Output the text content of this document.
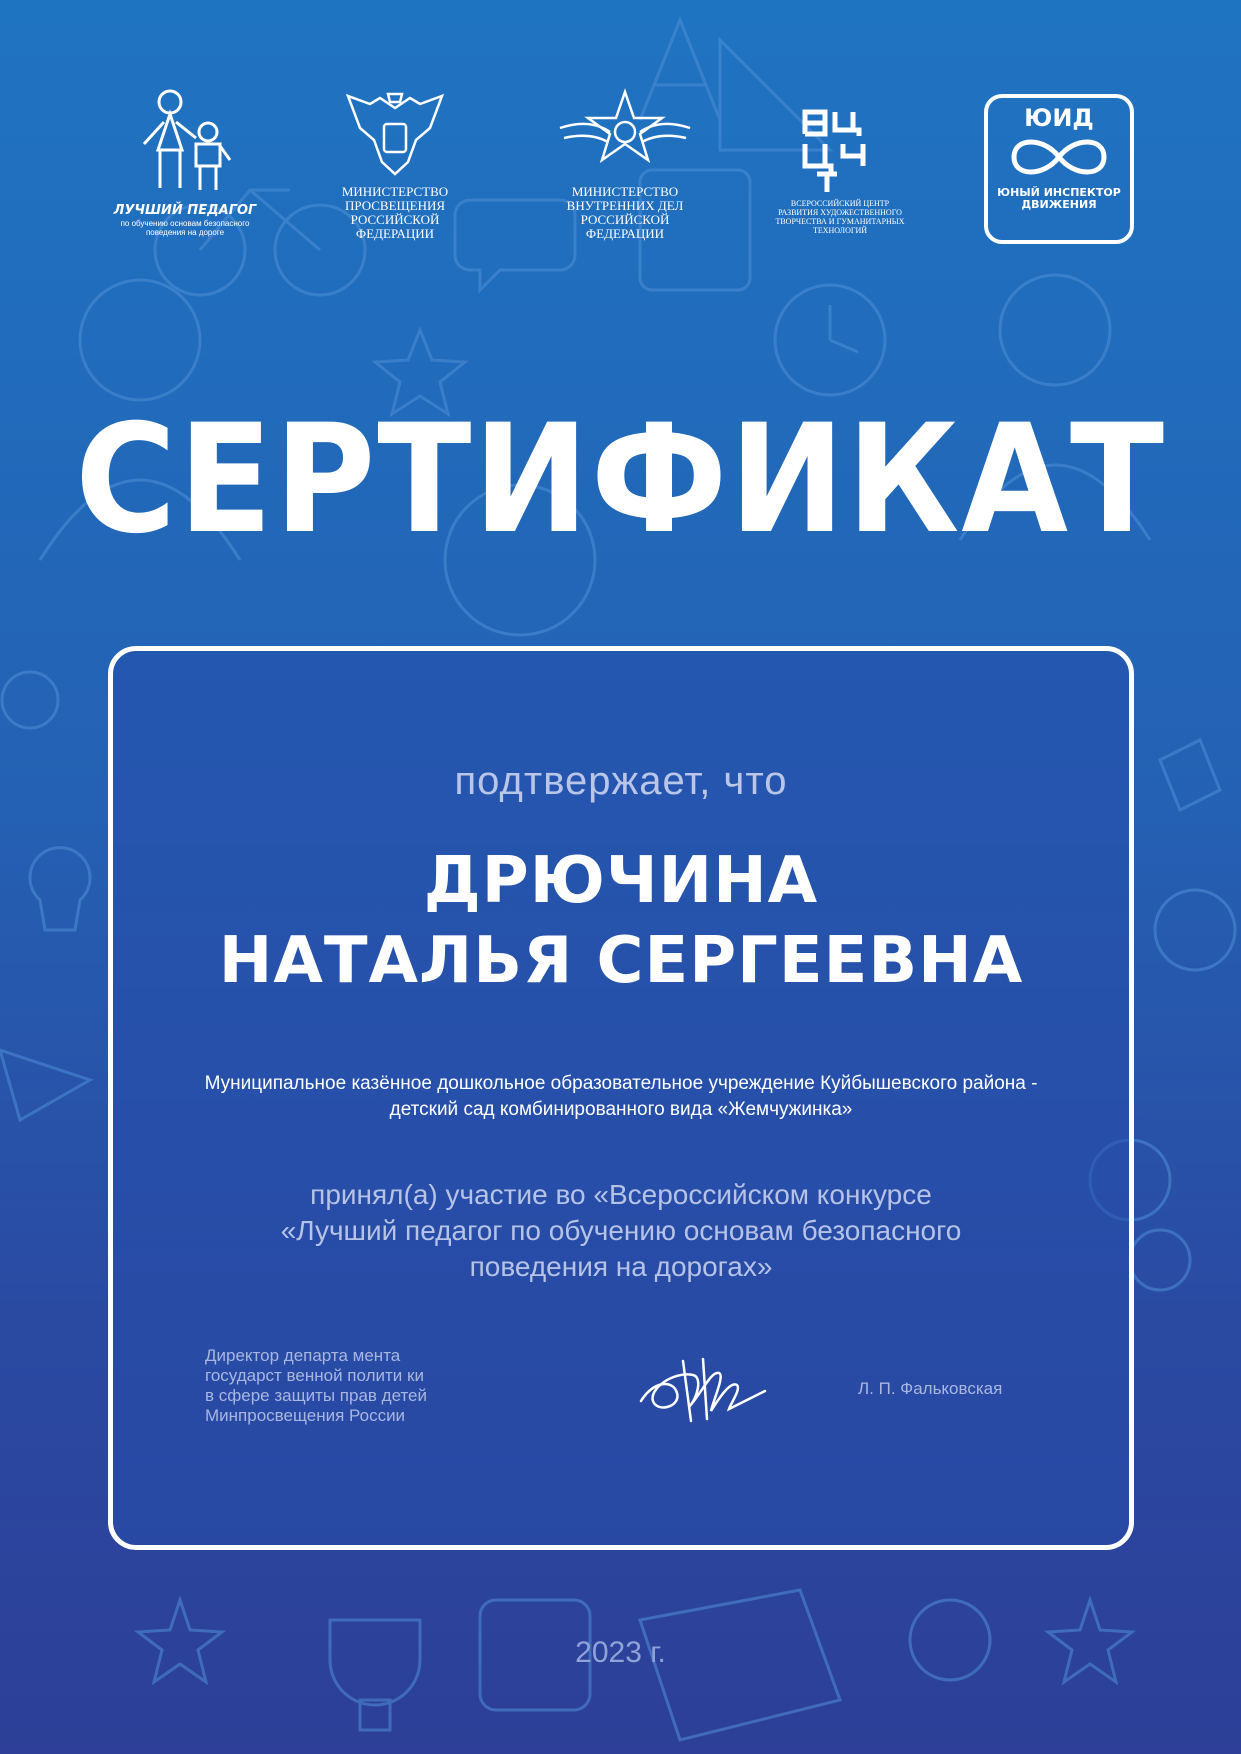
ЛУЧШИЙ ПЕДАГОГ
по обучению основам безопасного поведения на дороге
МИНИСТЕРСТВО ПРОСВЕЩЕНИЯ РОССИЙСКОЙ ФЕДЕРАЦИИ
МИНИСТЕРСТВО ВНУТРЕННИХ ДЕЛ РОССИЙСКОЙ ФЕДЕРАЦИИ
ВСЕРОССИЙСКИЙ ЦЕНТР РАЗВИТИЯ ХУДОЖЕСТВЕННОГО ТВОРЧЕСТВА И ГУМАНИТАРНЫХ ТЕХНОЛОГИЙ
ЮИД
ЮНЫЙ ИНСПЕКТОР ДВИЖЕНИЯ
СЕРТИФИКАТ
подтвержает, что
ДРЮЧИНА
НАТАЛЬЯ СЕРГЕЕВНА
Муниципальное казённое дошкольное образовательное учреждение Куйбышевского района -
детский сад комбинированного вида «Жемчужинка»
принял(а) участие во «Всероссийском конкурсе
«Лучший педагог по обучению основам безопасного
поведения на дорогах»
Директор департа мента
государст венной полити ки
в сфере защиты прав детей
Минпросвещения России
Л. П. Фальковская
2023 г.
